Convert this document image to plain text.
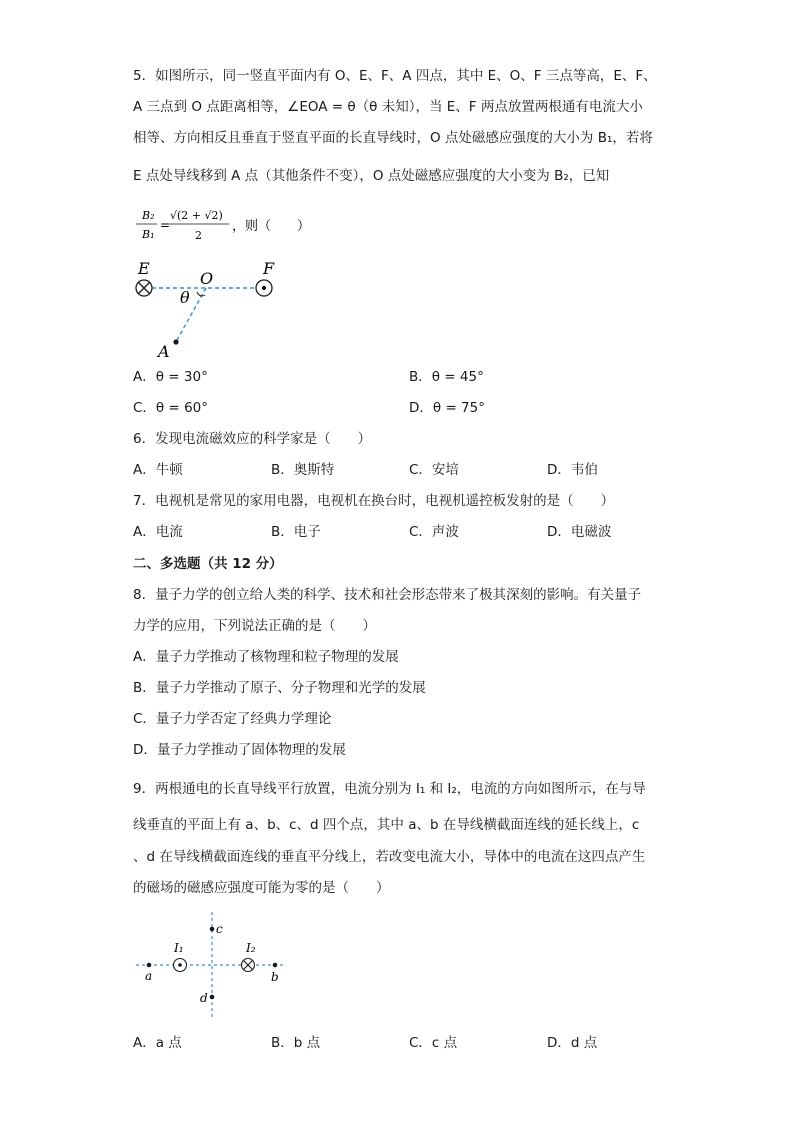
5．如图所示，同一竖直平面内有 O、E、F、A 四点，其中 E、O、F 三点等高，E、F、
A 三点到 O 点距离相等，∠EOA = θ（θ 未知），当 E、F 两点放置两根通有电流大小
相等、方向相反且垂直于竖直平面的长直导线时，O 点处磁感应强度的大小为 B₁，若将
E 点处导线移到 A 点（其他条件不变），O 点处磁感应强度的大小变为 B₂，已知
B₂
B₁
=
√(2 + √2)
2
，则（　　）
E
O
F
θ
A
A．θ = 30°	B．θ = 45°
C．θ = 60°	D．θ = 75°
6．发现电流磁效应的科学家是（　　）
A．牛顿	B．奥斯特	C．安培	D．韦伯
7．电视机是常见的家用电器，电视机在换台时，电视机遥控板发射的是（　　）
A．电流	B．电子	C．声波	D．电磁波
二、多选题（共 12 分）
8．量子力学的创立给人类的科学、技术和社会形态带来了极其深刻的影响。有关量子
力学的应用，下列说法正确的是（　　）
A．量子力学推动了核物理和粒子物理的发展
B．量子力学推动了原子、分子物理和光学的发展
C．量子力学否定了经典力学理论
D．量子力学推动了固体物理的发展
9．两根通电的长直导线平行放置，电流分别为 I₁ 和 I₂，电流的方向如图所示，在与导
线垂直的平面上有 a、b、c、d 四个点，其中 a、b 在导线横截面连线的延长线上，c
、d 在导线横截面连线的垂直平分线上，若改变电流大小，导体中的电流在这四点产生
的磁场的磁感应强度可能为零的是（　　）
I₁	I₂
a	b
c
d
A．a 点	B．b 点	C．c 点	D．d 点
